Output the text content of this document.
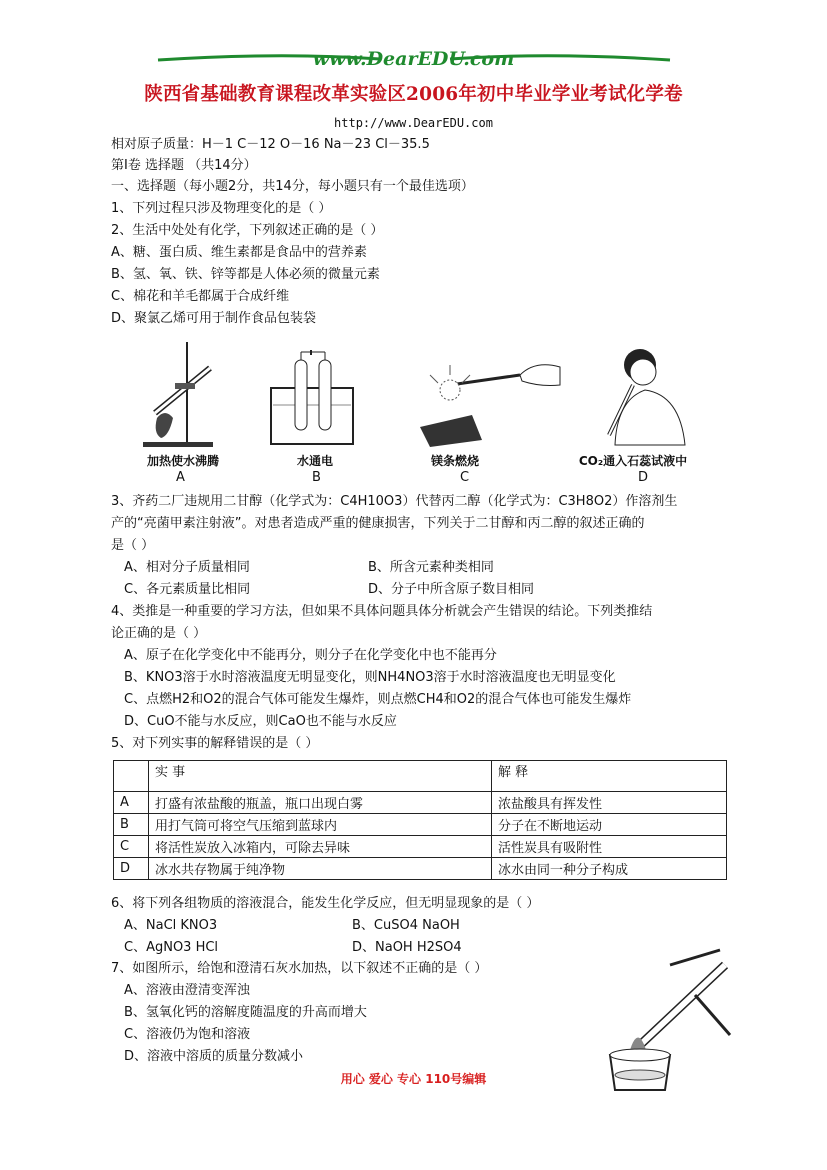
www.DearEDU.com
陕西省基础教育课程改革实验区2006年初中毕业学业考试化学卷
http://www.DearEDU.com
相对原子质量：H－1 C－12 O－16 Na－23 Cl－35.5
第Ⅰ卷 选择题 （共14分）
一、选择题（每小题2分，共14分，每小题只有一个最佳选项）
1、下列过程只涉及物理变化的是（ ）
2、生活中处处有化学，下列叙述正确的是（ ）
A、糖、蛋白质、维生素都是食品中的营养素
B、氢、氧、铁、锌等都是人体必须的微量元素
C、棉花和羊毛都属于合成纤维
D、聚氯乙烯可用于制作食品包装袋
加热使水沸腾
A
水通电
B
镁条燃烧
C
CO₂通入石蕊试液中
D
3、齐药二厂违规用二甘醇（化学式为：C4H10O3）代替丙二醇（化学式为：C3H8O2）作溶剂生
产的“亮菌甲素注射液”。对患者造成严重的健康损害，下列关于二甘醇和丙二醇的叙述正确的
是（ ）
A、相对分子质量相同	B、所含元素种类相同
C、各元素质量比相同	D、分子中所含原子数目相同
4、类推是一种重要的学习方法，但如果不具体问题具体分析就会产生错误的结论。下列类推结
论正确的是（ ）
A、原子在化学变化中不能再分，则分子在化学变化中也不能再分
B、KNO3溶于水时溶液温度无明显变化，则NH4NO3溶于水时溶液温度也无明显变化
C、点燃H2和O2的混合气体可能发生爆炸，则点燃CH4和O2的混合气体也可能发生爆炸
D、CuO不能与水反应，则CaO也不能与水反应
5、对下列实事的解释错误的是（ ）
	实 事	解 释
A	打盛有浓盐酸的瓶盖，瓶口出现白雾	浓盐酸具有挥发性
B	用打气筒可将空气压缩到蓝球内	分子在不断地运动
C	将活性炭放入冰箱内，可除去异味	活性炭具有吸附性
D	冰水共存物属于纯净物	冰水由同一种分子构成
6、将下列各组物质的溶液混合，能发生化学反应，但无明显现象的是（ ）
A、NaCl KNO3	B、CuSO4 NaOH
C、AgNO3 HCl	D、NaOH H2SO4
7、如图所示，给饱和澄清石灰水加热，以下叙述不正确的是（ ）
A、溶液由澄清变浑浊
B、氢氧化钙的溶解度随温度的升高而增大
C、溶液仍为饱和溶液
D、溶液中溶质的质量分数减小
用心 爱心 专心 110号编辑
